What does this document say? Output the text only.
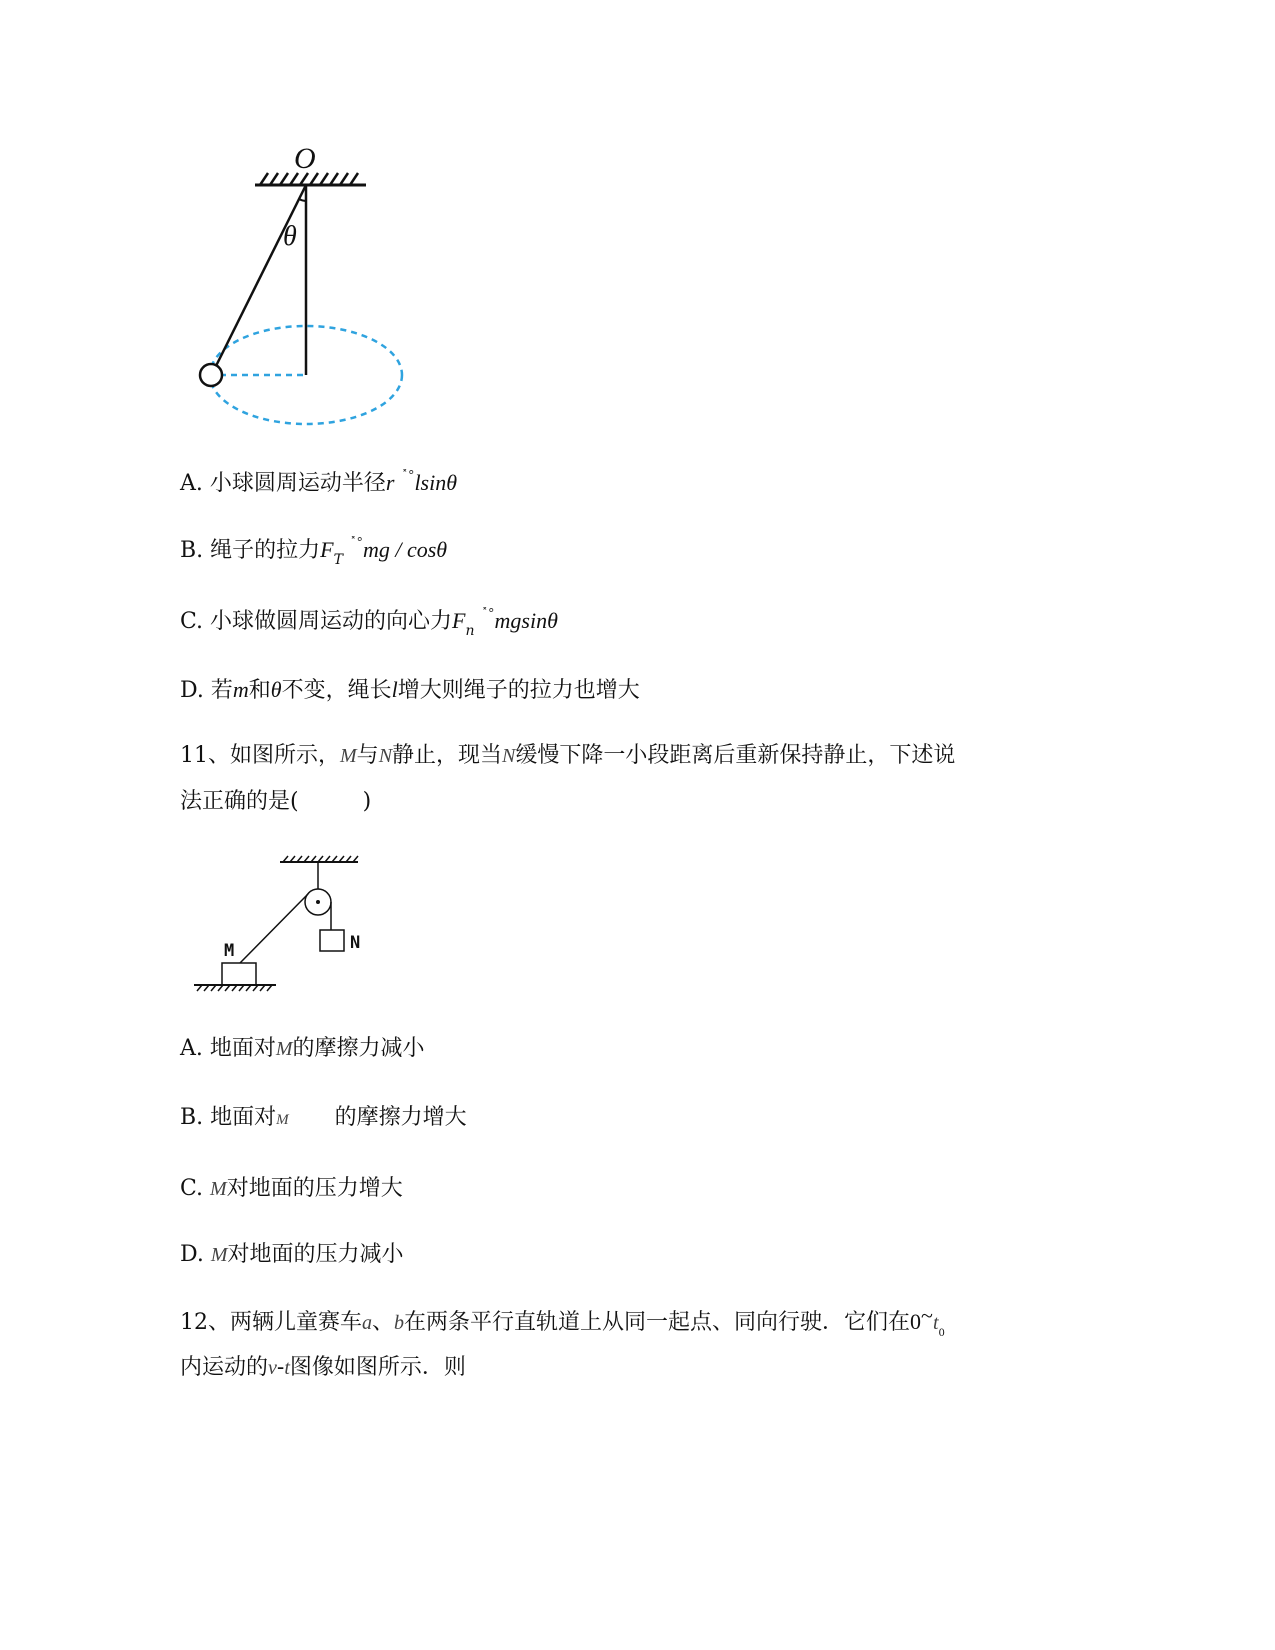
O
θ
A. 小球圆周运动半径r ˟°lsinθ
B. 绳子的拉力$F_T$ ˟°mg / cosθ
C. 小球做圆周运动的向心力$F_n$ ˟°mgsinθ
D. 若m和θ不变，绳长l增大则绳子的拉力也增大
11、如图所示，M与N静止，现当N缓慢下降一小段距离后重新保持静止，下述说
法正确的是(	)
N
M
A. 地面对M的摩擦力减小
B. 地面对M 的摩擦力增大
C. M对地面的压力增大
D. M对地面的压力减小
12、两辆儿童赛车a、b在两条平行直轨道上从同一起点、同向行驶．它们在$0\sim t_0$
内运动的v-t图像如图所示．则
